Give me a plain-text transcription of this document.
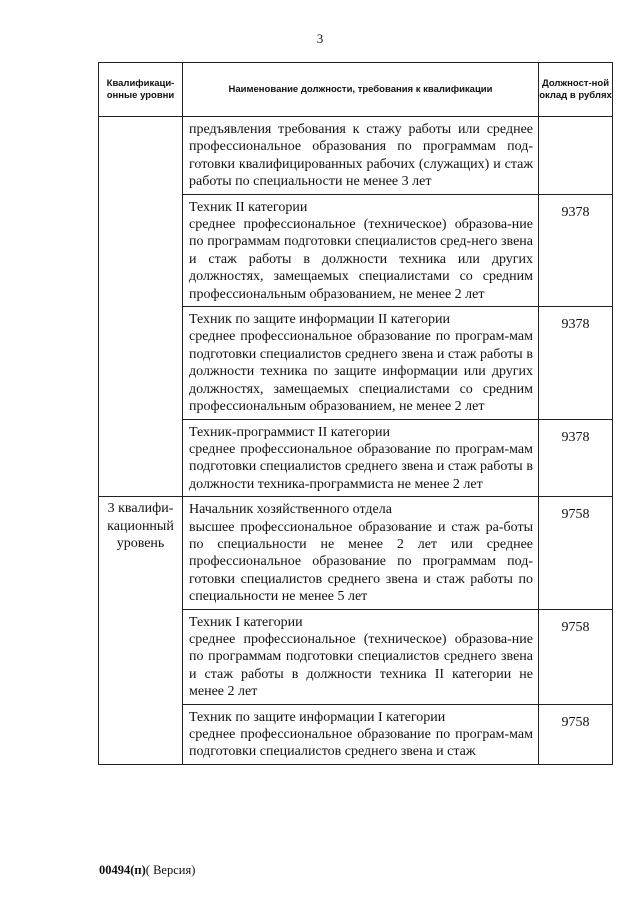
3
Квалификаци-онные уровни	Наименование должности, требования к квалификации	Должност-ной оклад в рублях

	предъявления требования к стажу работы или среднее профессиональное образования по программам под-готовки квалифицированных рабочих (служащих) и стаж работы по специальности не менее 3 лет	

	Техник II категории
среднее профессиональное (техническое) образова-ние по программам подготовки специалистов сред-него звена и стаж работы в должности техника или других должностях, замещаемых специалистами со средним профессиональным образованием, не менее 2 лет	9378

	Техник по защите информации II категории
среднее профессиональное образование по програм-мам подготовки специалистов среднего звена и стаж работы в должности техника по защите информации или других должностях, замещаемых специалистами со средним профессиональным образованием, не менее 2 лет	9378

	Техник-программист II категории
среднее профессиональное образование по програм-мам подготовки специалистов среднего звена и стаж работы в должности техника-программиста не менее 2 лет	9378

3 квалифи-кационный уровень	Начальник хозяйственного отдела
высшее профессиональное образование и стаж ра-боты по специальности не менее 2 лет или среднее профессиональное образование по программам под-готовки специалистов среднего звена и стаж работы по специальности не менее 5 лет	9758

	Техник I категории
среднее профессиональное (техническое) образова-ние по программам подготовки специалистов среднего звена и стаж работы в должности техника II категории не менее 2 лет	9758

	Техник по защите информации I категории
среднее профессиональное образование по програм-мам подготовки специалистов среднего звена и стаж	9758
00494(п)( Версия)
